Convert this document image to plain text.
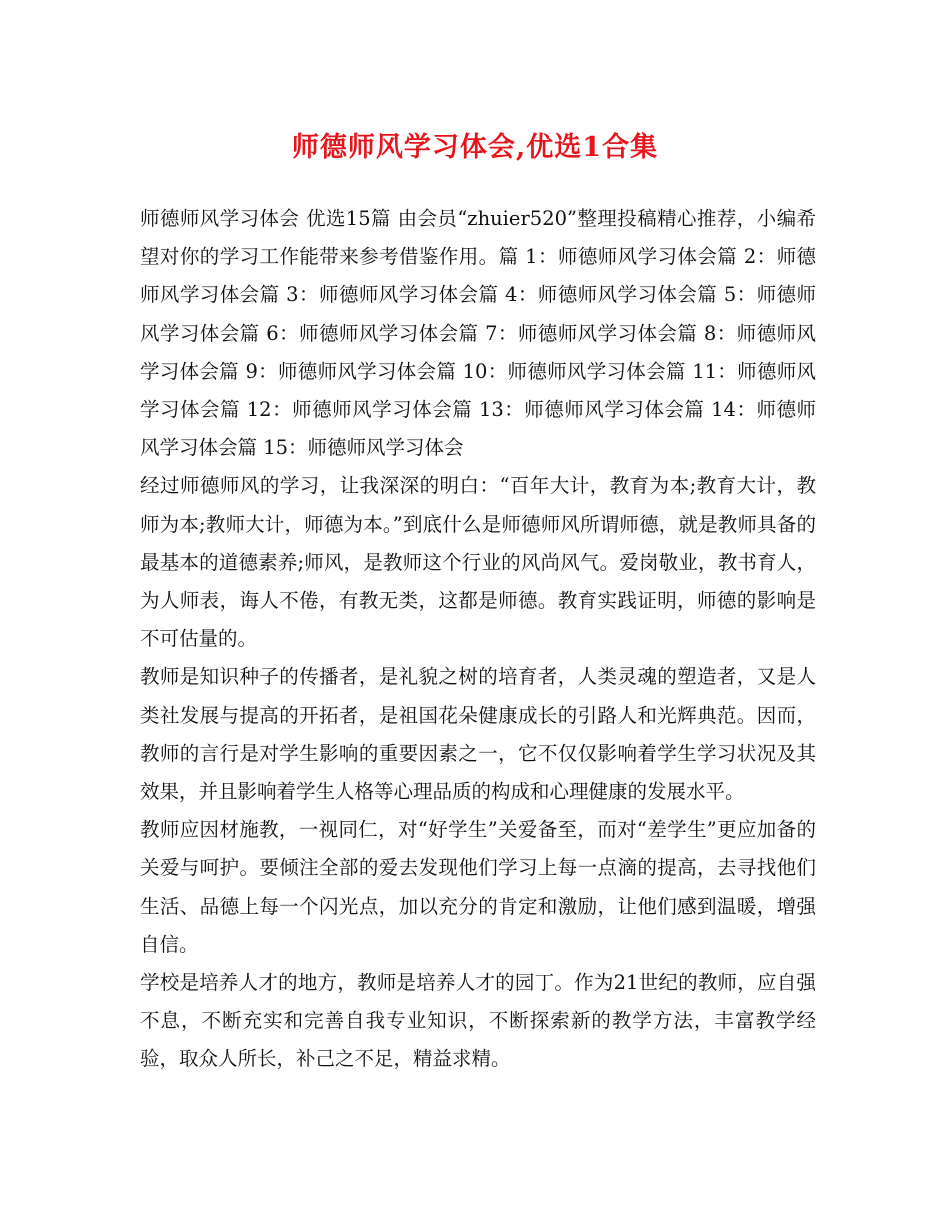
师德师风学习体会,优选1合集

师德师风学习体会 优选15篇 由会员“zhuier520”整理投稿精心推荐，小编希望对你的学习工作能带来参考借鉴作用。篇 1：师德师风学习体会篇 2：师德师风学习体会篇 3：师德师风学习体会篇 4：师德师风学习体会篇 5：师德师风学习体会篇 6：师德师风学习体会篇 7：师德师风学习体会篇 8：师德师风学习体会篇 9：师德师风学习体会篇 10：师德师风学习体会篇 11：师德师风学习体会篇 12：师德师风学习体会篇 13：师德师风学习体会篇 14：师德师风学习体会篇 15：师德师风学习体会

经过师德师风的学习，让我深深的明白：“百年大计，教育为本;教育大计，教师为本;教师大计，师德为本。”到底什么是师德师风所谓师德，就是教师具备的最基本的道德素养;师风，是教师这个行业的风尚风气。爱岗敬业，教书育人，为人师表，诲人不倦，有教无类，这都是师德。教育实践证明，师德的影响是不可估量的。

教师是知识种子的传播者，是礼貌之树的培育者，人类灵魂的塑造者，又是人类社发展与提高的开拓者，是祖国花朵健康成长的引路人和光辉典范。因而，教师的言行是对学生影响的重要因素之一，它不仅仅影响着学生学习状况及其效果，并且影响着学生人格等心理品质的构成和心理健康的发展水平。

教师应因材施教，一视同仁，对“好学生”关爱备至，而对“差学生”更应加备的关爱与呵护。要倾注全部的爱去发现他们学习上每一点滴的提高，去寻找他们生活、品德上每一个闪光点，加以充分的肯定和激励，让他们感到温暖，增强自信。

学校是培养人才的地方，教师是培养人才的园丁。作为21世纪的教师，应自强不息，不断充实和完善自我专业知识，不断探索新的教学方法，丰富教学经验，取众人所长，补己之不足，精益求精。
